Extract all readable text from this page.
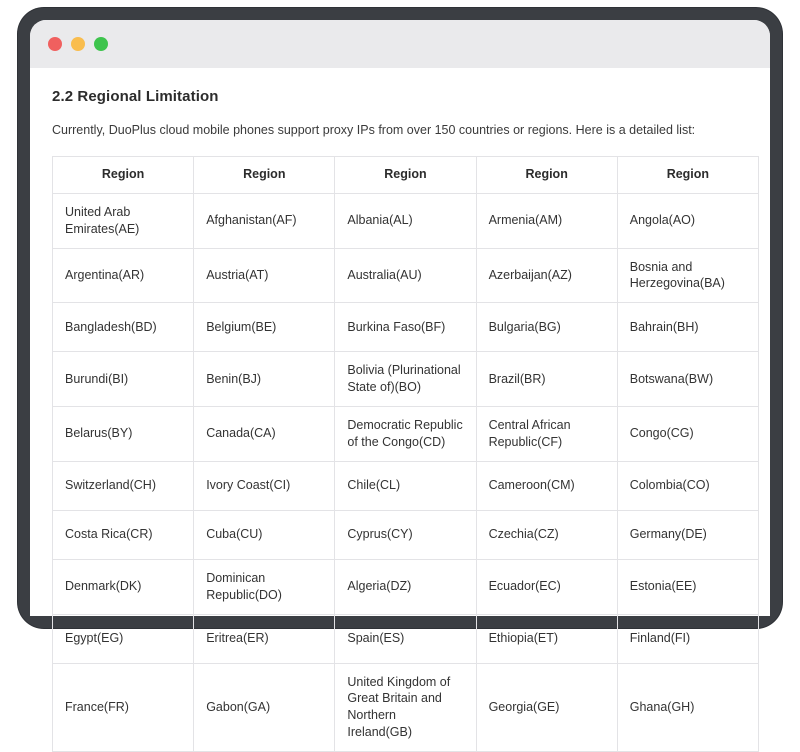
2.2 Regional Limitation

Currently, DuoPlus cloud mobile phones support proxy IPs from over 150 countries or regions. Here is a detailed list:

Region	Region	Region	Region	Region
United Arab Emirates(AE)	Afghanistan(AF)	Albania(AL)	Armenia(AM)	Angola(AO)
Argentina(AR)	Austria(AT)	Australia(AU)	Azerbaijan(AZ)	Bosnia and Herzegovina(BA)
Bangladesh(BD)	Belgium(BE)	Burkina Faso(BF)	Bulgaria(BG)	Bahrain(BH)
Burundi(BI)	Benin(BJ)	Bolivia (Plurinational State of)(BO)	Brazil(BR)	Botswana(BW)
Belarus(BY)	Canada(CA)	Democratic Republic of the Congo(CD)	Central African Republic(CF)	Congo(CG)
Switzerland(CH)	Ivory Coast(CI)	Chile(CL)	Cameroon(CM)	Colombia(CO)
Costa Rica(CR)	Cuba(CU)	Cyprus(CY)	Czechia(CZ)	Germany(DE)
Denmark(DK)	Dominican Republic(DO)	Algeria(DZ)	Ecuador(EC)	Estonia(EE)
Egypt(EG)	Eritrea(ER)	Spain(ES)	Ethiopia(ET)	Finland(FI)
France(FR)	Gabon(GA)	United Kingdom of Great Britain and Northern Ireland(GB)	Georgia(GE)	Ghana(GH)
